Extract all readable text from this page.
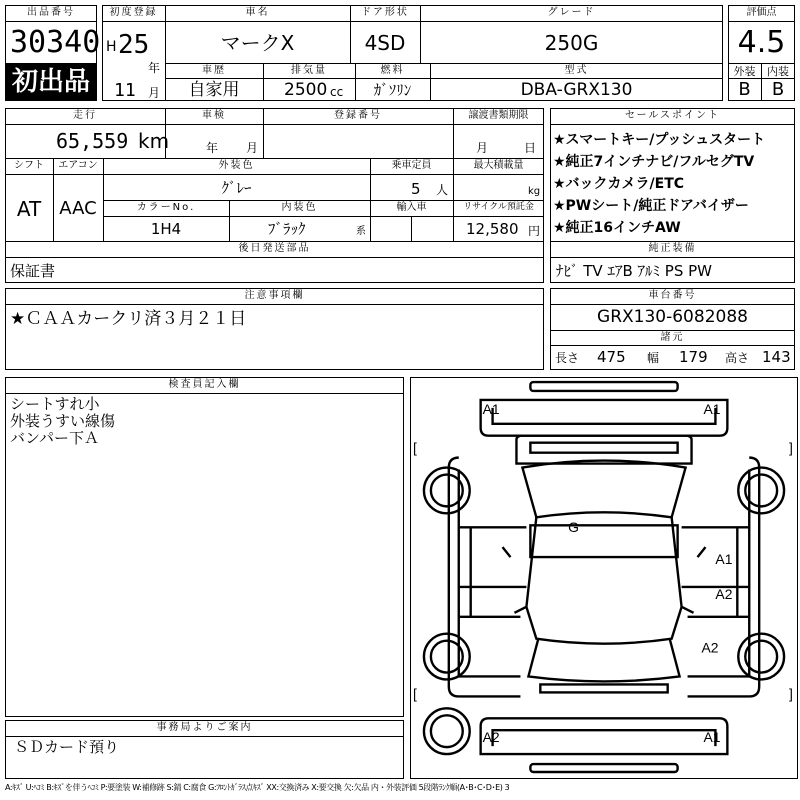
出品番号
30340
初出品
初度登録
H 25
年
11 月
車名
マークX
ドア形状
4SD
グレード
250G
車歴
自家用
排気量
2500 cc
燃料
ｶﾞｿﾘﾝ
型式
DBA-GRX130
評価点
4.5
外装
B
内装
B
走行
65,559 km
車検
年 月
登録番号	譲渡書類期限
月	日
シフト
AT
エアコン
AAC
外装色
ｸﾞﾚｰ
乗車定員
5 人
最大積載量
kg
カラーNo.
1H4
内装色
ﾌﾞﾗｯｸ	系
輸入車	リサイクル預託金
12,580 円
後日発送部品
保証書
セールスポイント
★スマートキー/プッシュスタート
★純正7インチナビ/フルセグTV
★バックカメラ/ETC
★PWシート/純正ドアバイザー
★純正16インチAW
純正装備
ﾅﾋﾞ TV ｴｱB ｱﾙﾐ PS PW
注意事項欄
★ＣＡＡカークリ済３月２１日
車台番号
GRX130-6082088
諸元
長さ 475 幅 179 高さ 143
検査員記入欄
シートすれ小
外装うすい線傷
バンパー下Ａ
事務局よりご案内
ＳＤカード預り
A1	A1
G
A1
A2
A2
A2	A1
[	]
[	]
A:ｷｽﾞ U:ﾍｺﾐ B:ｷｽﾞを伴うﾍｺﾐ P:要塗装 W:補修跡 S:錆 C:腐食 G:ﾌﾛﾝﾄｶﾞﾗｽ点ｷｽﾞ XX:交換済み X:要交換 欠:欠品 内・外装評価 5段階ﾗﾝｸ順(A･B･C･D･E) 3
